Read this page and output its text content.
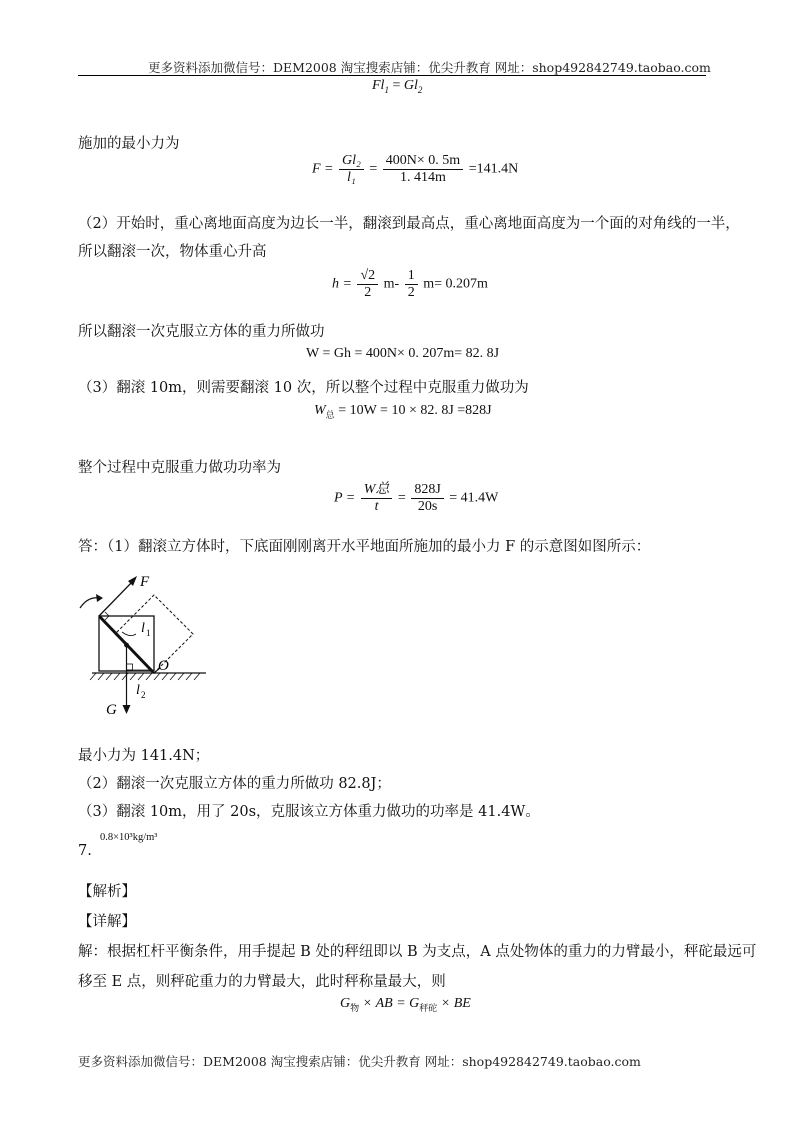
更多资料添加微信号：DEM2008 淘宝搜索店铺：优尖升教育 网址：shop492842749.taobao.com
$Fl_1 = Gl_2$
施加的最小力为
$F = \frac{\text{Gl₂}}{\text{l₁}} = \frac{400N\times 0. 5m}{1. 414m} =141.4N$
（2）开始时，重心离地面高度为边长一半，翻滚到最高点，重心离地面高度为一个面的对角线的一半，
所以翻滚一次，物体重心升高
$h = \frac{√2}{2} m- \frac{1}{2} m= 0.207m$
所以翻滚一次克服立方体的重力所做功
W = Gh = 400N× 0. 207m= 82. 8J
（3）翻滚 10m，则需要翻滚 10 次，所以整个过程中克服重力做功为
$W_总 = 10W = 10 \times 82$. 8J =828J
整个过程中克服重力做功功率为
$P = \frac{\text{W总}}{t} = \frac{828J}{20s} = 41.4W$
答：（1）翻滚立方体时，下底面刚刚离开水平地面所施加的最小力 F 的示意图如图所示：
F
l 1
O
l 2
G
最小力为 141.4N；
（2）翻滚一次克服立方体的重力所做功 82.8J；
（3）翻滚 10m，用了 20s，克服该立方体重力做功的功率是 41.4W。
7.
0.8×10³kg/m³
【解析】
【详解】
解：根据杠杆平衡条件，用手提起 B 处的秤纽即以 B 为支点，A 点处物体的重力的力臂最小，秤砣最远可
移至 E 点，则秤砣重力的力臂最大，此时秤称量最大，则
$G_物$ × AB = $G_{秤砣}$ × BE
更多资料添加微信号：DEM2008 淘宝搜索店铺：优尖升教育 网址：shop492842749.taobao.com
